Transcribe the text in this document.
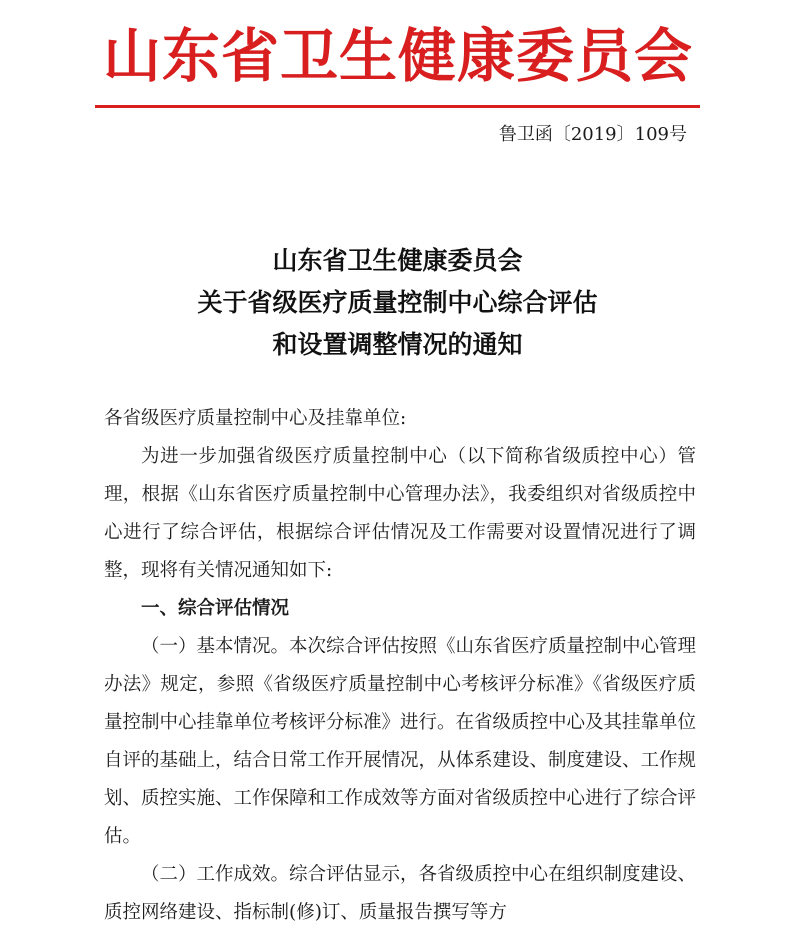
山东省卫生健康委员会
鲁卫函〔2019〕109号
山东省卫生健康委员会
关于省级医疗质量控制中心综合评估
和设置调整情况的通知
各省级医疗质量控制中心及挂靠单位:

为进一步加强省级医疗质量控制中心（以下简称省级质控中心）管理，根据《山东省医疗质量控制中心管理办法》，我委组织对省级质控中心进行了综合评估，根据综合评估情况及工作需要对设置情况进行了调整，现将有关情况通知如下:

一、综合评估情况

（一）基本情况。本次综合评估按照《山东省医疗质量控制中心管理办法》规定，参照《省级医疗质量控制中心考核评分标准》《省级医疗质量控制中心挂靠单位考核评分标准》进行。在省级质控中心及其挂靠单位自评的基础上，结合日常工作开展情况，从体系建设、制度建设、工作规划、质控实施、工作保障和工作成效等方面对省级质控中心进行了综合评估。

（二）工作成效。综合评估显示，各省级质控中心在组织制度建设、质控网络建设、指标制(修)订、质量报告撰写等方
